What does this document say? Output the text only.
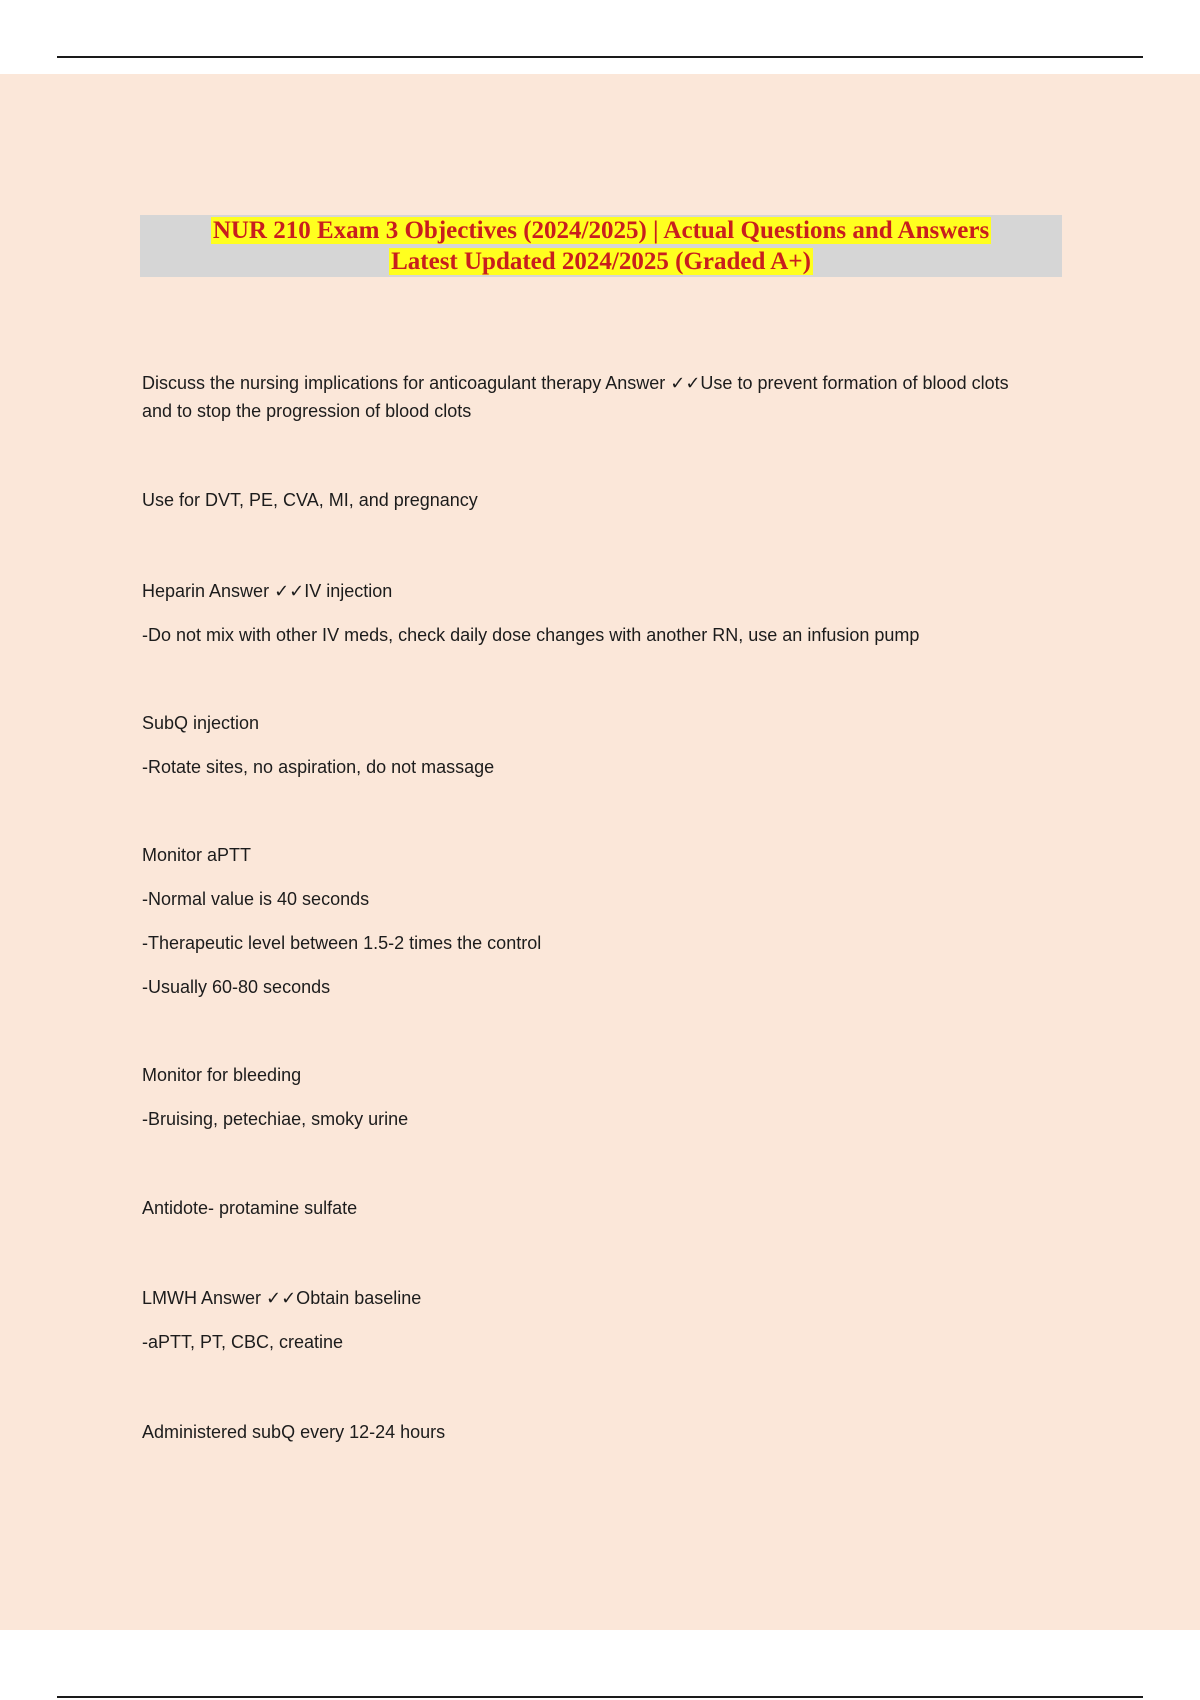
NUR 210 Exam 3 Objectives (2024/2025) | Actual Questions and Answers
Latest Updated 2024/2025 (Graded A+)
Discuss the nursing implications for anticoagulant therapy Answer ✓✓Use to prevent formation of blood clots and to stop the progression of blood clots
Use for DVT, PE, CVA, MI, and pregnancy
Heparin Answer ✓✓IV injection
-Do not mix with other IV meds, check daily dose changes with another RN, use an infusion pump
SubQ injection
-Rotate sites, no aspiration, do not massage
Monitor aPTT
-Normal value is 40 seconds
-Therapeutic level between 1.5-2 times the control
-Usually 60-80 seconds
Monitor for bleeding
-Bruising, petechiae, smoky urine
Antidote- protamine sulfate
LMWH Answer ✓✓Obtain baseline
-aPTT, PT, CBC, creatine
Administered subQ every 12-24 hours
